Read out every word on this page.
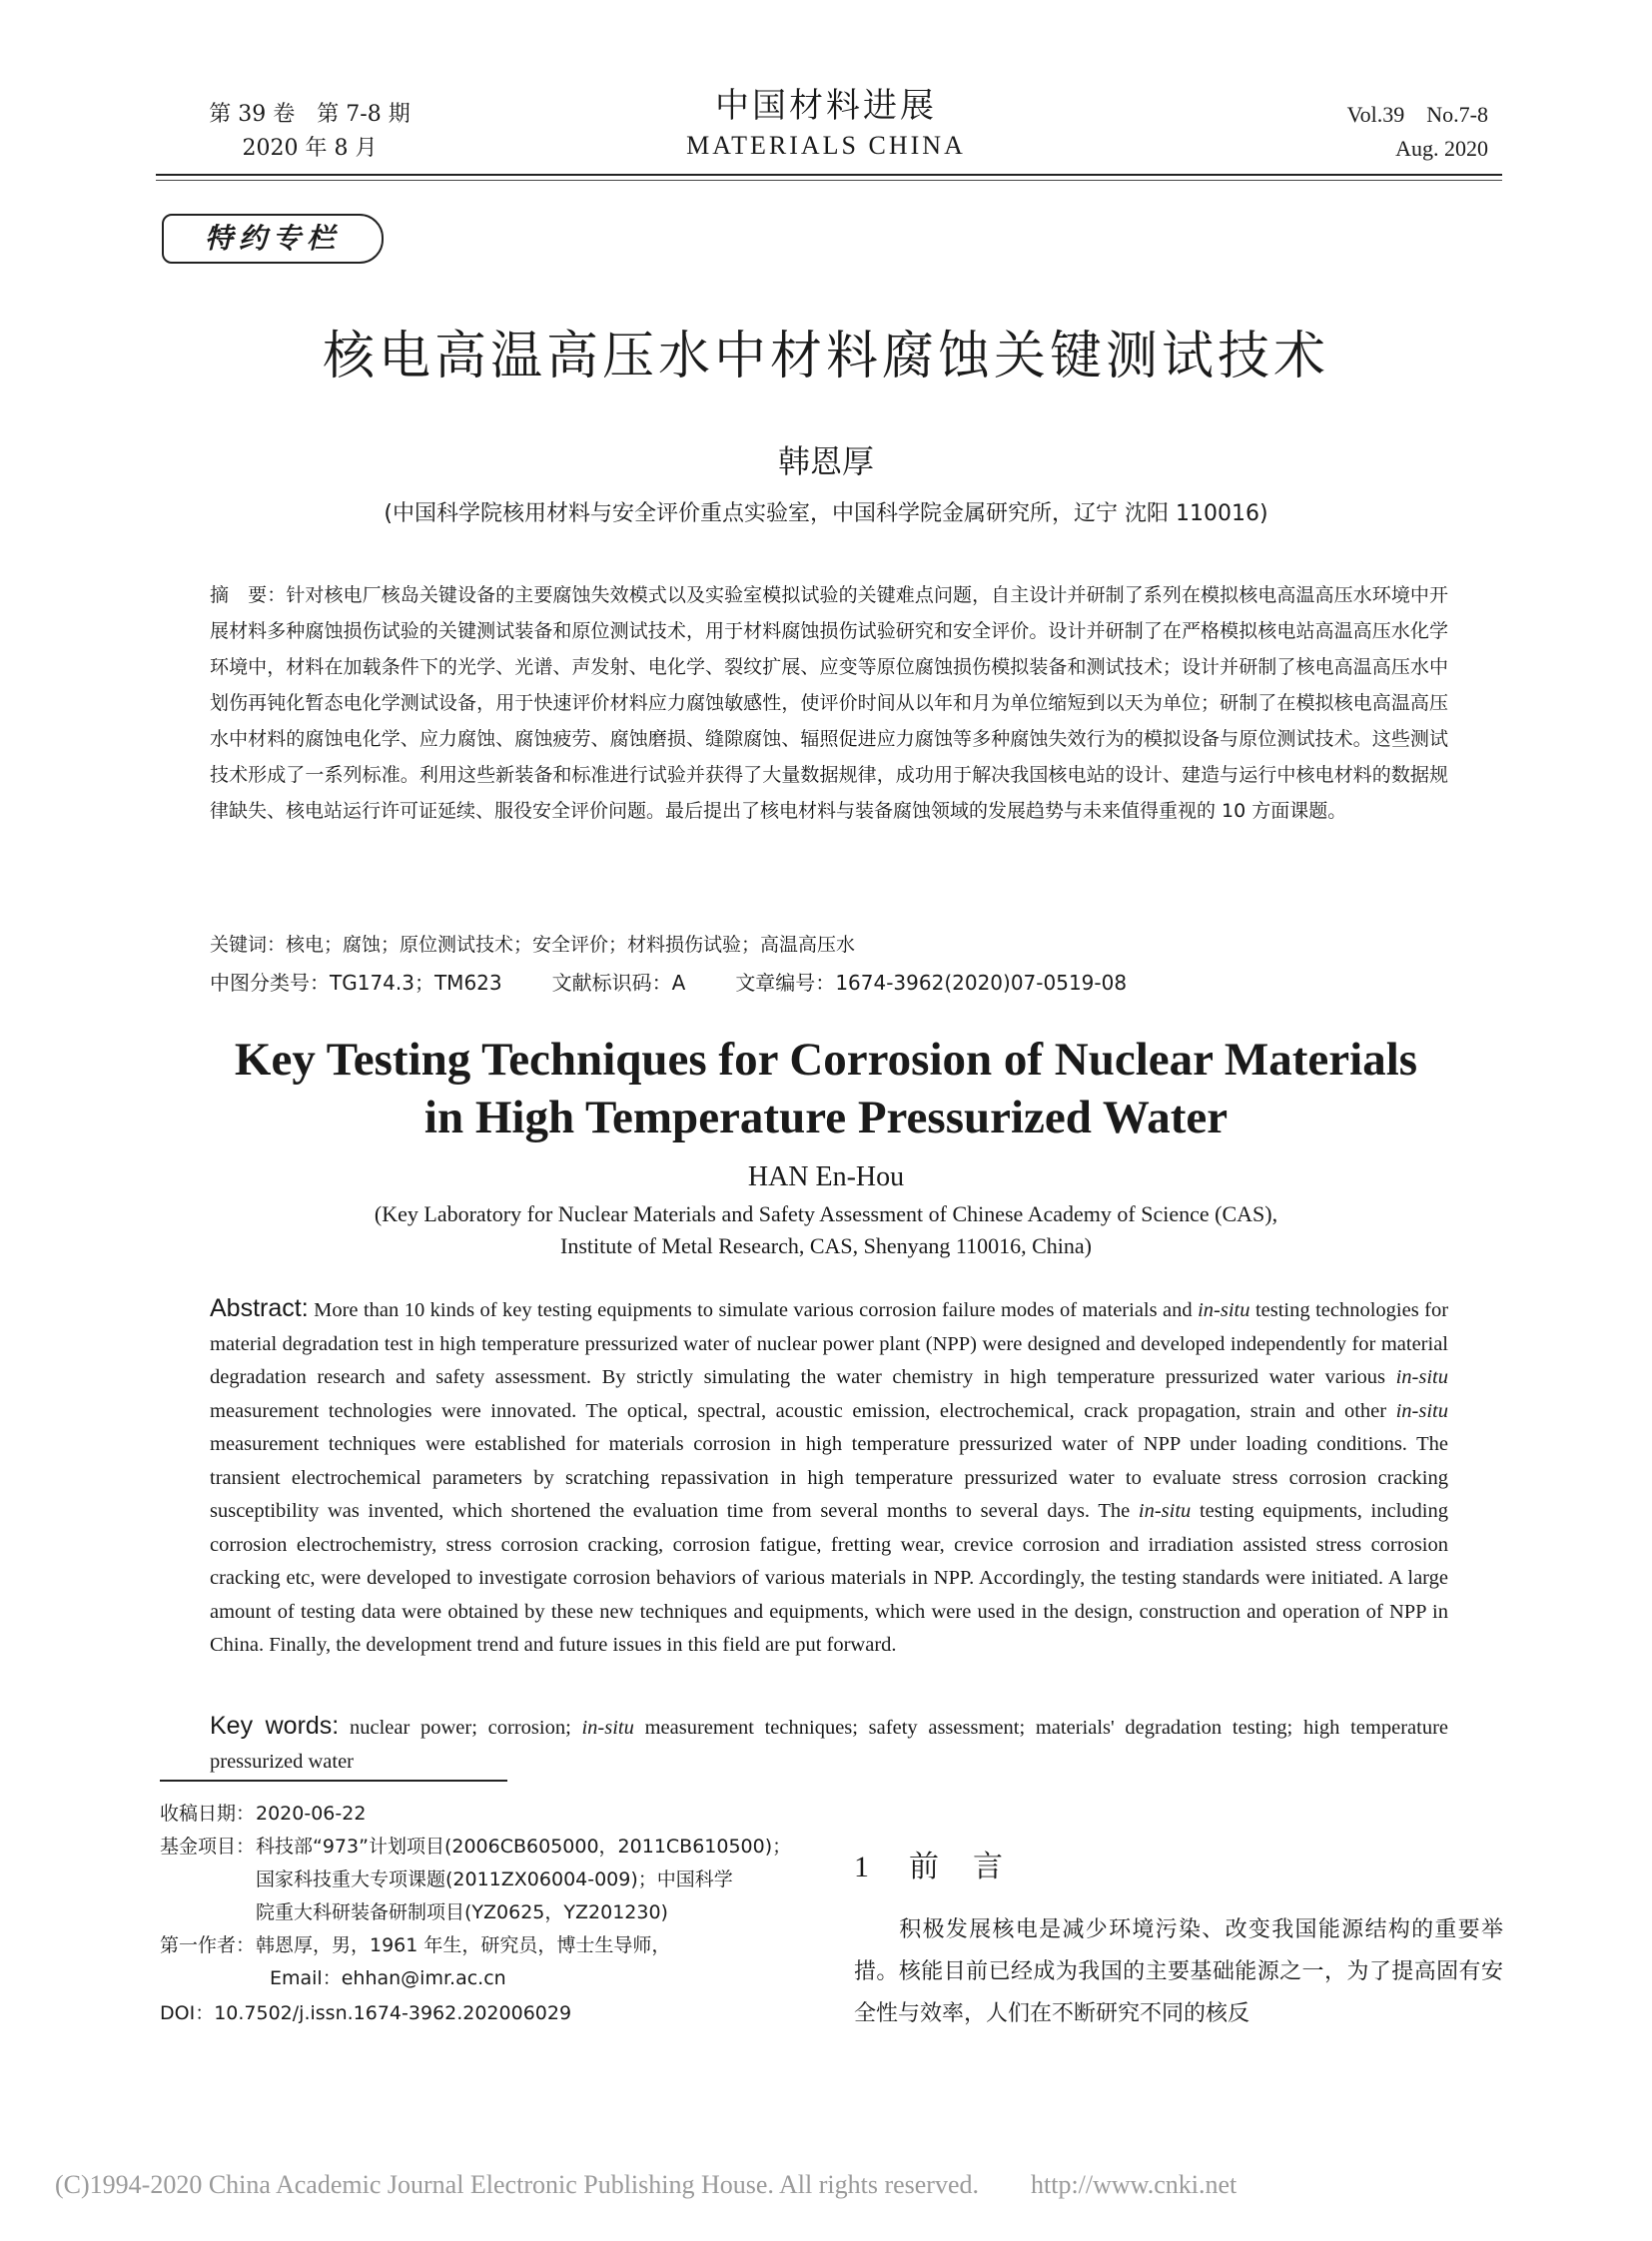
第 39 卷　第 7-8 期
2020 年 8 月
中国材料进展
MATERIALS CHINA
Vol.39　No.7-8
Aug. 2020
特约专栏
核电高温高压水中材料腐蚀关键测试技术
韩恩厚
(中国科学院核用材料与安全评价重点实验室，中国科学院金属研究所，辽宁 沈阳 110016)
摘　要：针对核电厂核岛关键设备的主要腐蚀失效模式以及实验室模拟试验的关键难点问题，自主设计并研制了系列在模拟核电高温高压水环境中开展材料多种腐蚀损伤试验的关键测试装备和原位测试技术，用于材料腐蚀损伤试验研究和安全评价。设计并研制了在严格模拟核电站高温高压水化学环境中，材料在加载条件下的光学、光谱、声发射、电化学、裂纹扩展、应变等原位腐蚀损伤模拟装备和测试技术；设计并研制了核电高温高压水中划伤再钝化暂态电化学测试设备，用于快速评价材料应力腐蚀敏感性，使评价时间从以年和月为单位缩短到以天为单位；研制了在模拟核电高温高压水中材料的腐蚀电化学、应力腐蚀、腐蚀疲劳、腐蚀磨损、缝隙腐蚀、辐照促进应力腐蚀等多种腐蚀失效行为的模拟设备与原位测试技术。这些测试技术形成了一系列标准。利用这些新装备和标准进行试验并获得了大量数据规律，成功用于解决我国核电站的设计、建造与运行中核电材料的数据规律缺失、核电站运行许可证延续、服役安全评价问题。最后提出了核电材料与装备腐蚀领域的发展趋势与未来值得重视的 10 方面课题。
关键词：核电；腐蚀；原位测试技术；安全评价；材料损伤试验；高温高压水
中图分类号：TG174.3；TM623	文献标识码：A	文章编号：1674-3962(2020)07-0519-08
Key Testing Techniques for Corrosion of Nuclear Materials
in High Temperature Pressurized Water
HAN En-Hou
(Key Laboratory for Nuclear Materials and Safety Assessment of Chinese Academy of Science (CAS),
Institute of Metal Research, CAS, Shenyang 110016, China)
Abstract: More than 10 kinds of key testing equipments to simulate various corrosion failure modes of materials and in-situ testing technologies for material degradation test in high temperature pressurized water of nuclear power plant (NPP) were designed and developed independently for material degradation research and safety assessment. By strictly simulating the water chemistry in high temperature pressurized water various in-situ measurement technologies were innovated. The optical, spectral, acoustic emission, electrochemical, crack propagation, strain and other in-situ measurement techniques were established for materials corrosion in high temperature pressurized water of NPP under loading conditions. The transient electrochemical parameters by scratching repassivation in high temperature pressurized water to evaluate stress corrosion cracking susceptibility was invented, which shortened the evaluation time from several months to several days. The in-situ testing equipments, including corrosion electrochemistry, stress corrosion cracking, corrosion fatigue, fretting wear, crevice corrosion and irradiation assisted stress corrosion cracking etc, were developed to investigate corrosion behaviors of various materials in NPP. Accordingly, the testing standards were initiated. A large amount of testing data were obtained by these new techniques and equipments, which were used in the design, construction and operation of NPP in China. Finally, the development trend and future issues in this field are put forward.
Key words: nuclear power; corrosion; in-situ measurement techniques; safety assessment; materials' degradation testing; high temperature pressurized water
收稿日期：2020-06-22
基金项目：科技部“973”计划项目(2006CB605000，2011CB610500)；
国家科技重大专项课题(2011ZX06004-009)；中国科学
院重大科研装备研制项目(YZ0625，YZ201230)
第一作者：韩恩厚，男，1961 年生，研究员，博士生导师，
Email：ehhan@imr.ac.cn
DOI：10.7502/j.issn.1674-3962.202006029
1 前　言
积极发展核电是减少环境污染、改变我国能源结构的重要举措。核能目前已经成为我国的主要基础能源之一，为了提高固有安全性与效率，人们在不断研究不同的核反
(C)1994-2020 China Academic Journal Electronic Publishing House. All rights reserved.　　http://www.cnki.net
